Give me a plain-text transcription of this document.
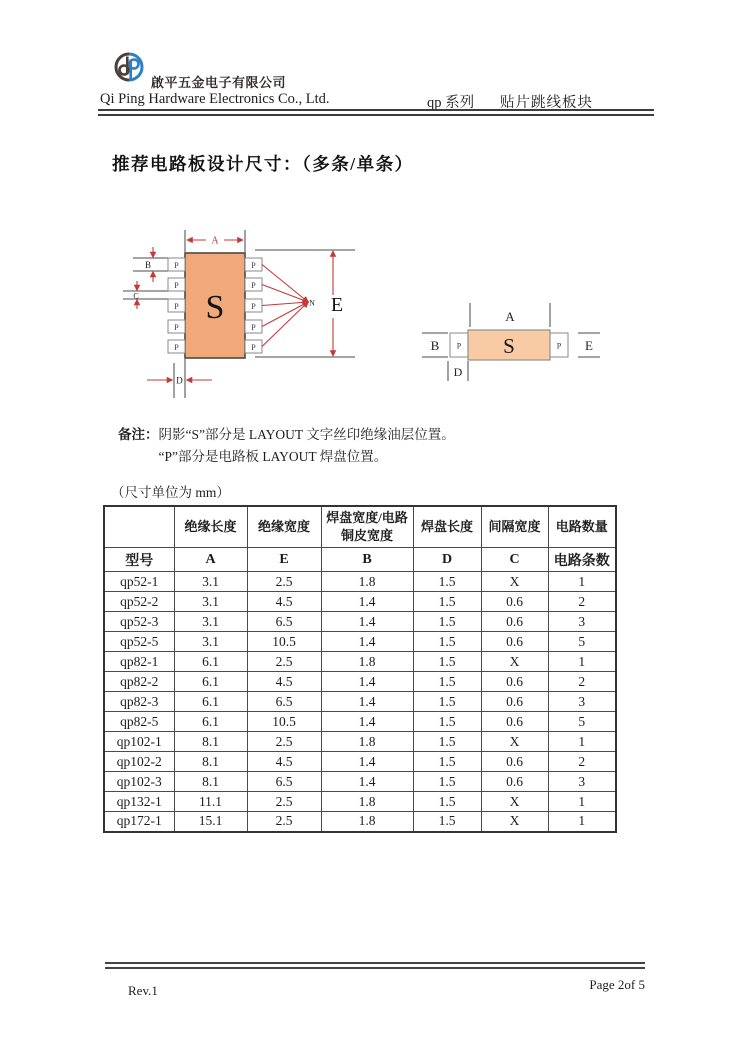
啟平五金电子有限公司
Qi Ping Hardware Electronics Co., Ltd.	qp 系列 贴片跳线板块
推荐电路板设计尺寸：（多条/单条）
S
P	P
P	P
P	P
P	P
P	P
A
B
C
D
E
N
S
P	P
B	E
A
D
备注： 阴影“S”部分是 LAYOUT 文字丝印绝缘油层位置。
“P”部分是电路板 LAYOUT 焊盘位置。
（尺寸单位为 mm）
	绝缘长度	绝缘宽度	焊盘宽度/电路铜皮宽度	焊盘长度	间隔宽度	电路数量
型号	A	E	B	D	C	电路条数
qp52-1	3.1	2.5	1.8	1.5	X	1
qp52-2	3.1	4.5	1.4	1.5	0.6	2
qp52-3	3.1	6.5	1.4	1.5	0.6	3
qp52-5	3.1	10.5	1.4	1.5	0.6	5
qp82-1	6.1	2.5	1.8	1.5	X	1
qp82-2	6.1	4.5	1.4	1.5	0.6	2
qp82-3	6.1	6.5	1.4	1.5	0.6	3
qp82-5	6.1	10.5	1.4	1.5	0.6	5
qp102-1	8.1	2.5	1.8	1.5	X	1
qp102-2	8.1	4.5	1.4	1.5	0.6	2
qp102-3	8.1	6.5	1.4	1.5	0.6	3
qp132-1	11.1	2.5	1.8	1.5	X	1
qp172-1	15.1	2.5	1.8	1.5	X	1
Rev.1	Page 2of 5
